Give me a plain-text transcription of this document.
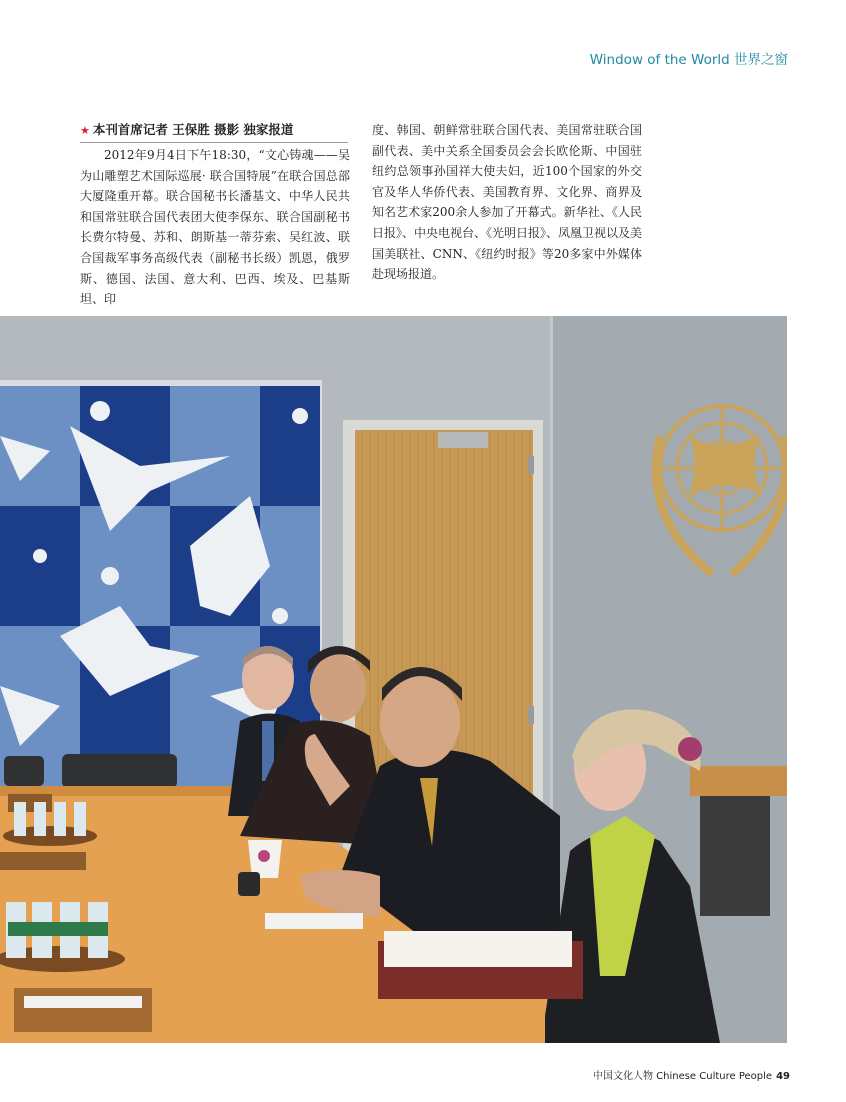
Window of the World 世界之窗
★ 本刊首席记者 王保胜 摄影 独家报道

2012年9月4日下午18:30，“文心铸魂——吴为山雕塑艺术国际巡展· 联合国特展”在联合国总部大厦隆重开幕。联合国秘书长潘基文、中华人民共和国常驻联合国代表团大使李保东、联合国副秘书长费尔特曼、苏和、朗斯基一蒂芬索、吴红波、联合国裁军事务高级代表（副秘书长级）凯恩，俄罗斯、德国、法国、意大利、巴西、埃及、巴基斯坦、印

度、韩国、朝鲜常驻联合国代表、美国常驻联合国副代表、美中关系全国委员会会长欧伦斯、中国驻纽约总领事孙国祥大使夫妇，近100个国家的外交官及华人华侨代表、美国教育界、文化界、商界及知名艺术家200余人参加了开幕式。新华社、《人民日报》、中央电视台、《光明日报》、凤凰卫视以及美国美联社、CNN、《纽约时报》等20多家中外媒体赴现场报道。

中国文化人物 Chinese Culture People 49
